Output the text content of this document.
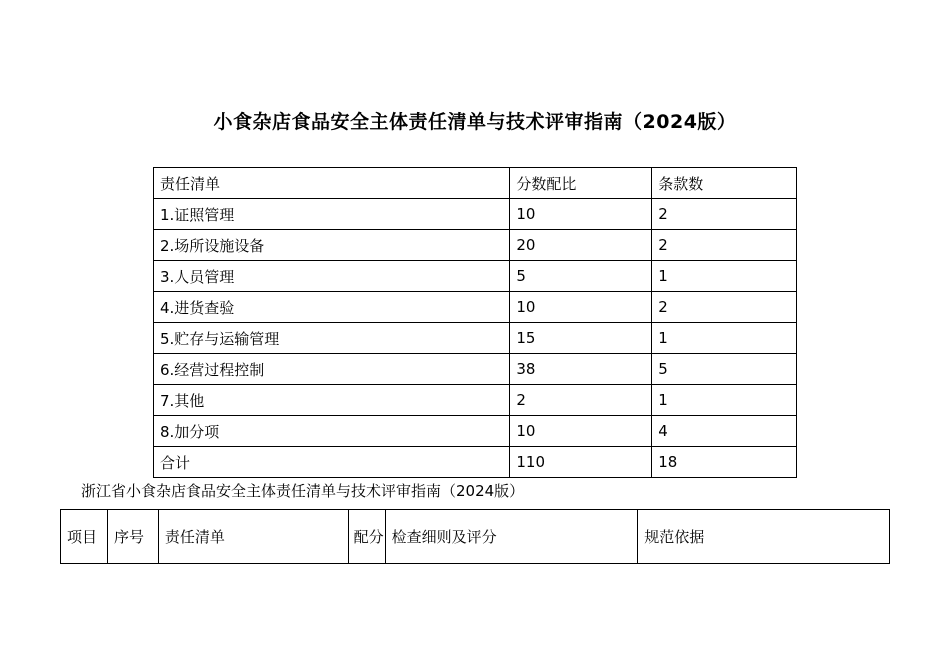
小食杂店食品安全主体责任清单与技术评审指南（2024版）
责任清单	分数配比	条款数
1.证照管理	10	2
2.场所设施设备	20	2
3.人员管理	5	1
4.进货查验	10	2
5.贮存与运输管理	15	1
6.经营过程控制	38	5
7.其他	2	1
8.加分项	10	4
合计	110	18
浙江省小食杂店食品安全主体责任清单与技术评审指南（2024版）
项目	序号	责任清单	配分	检查细则及评分	规范依据
